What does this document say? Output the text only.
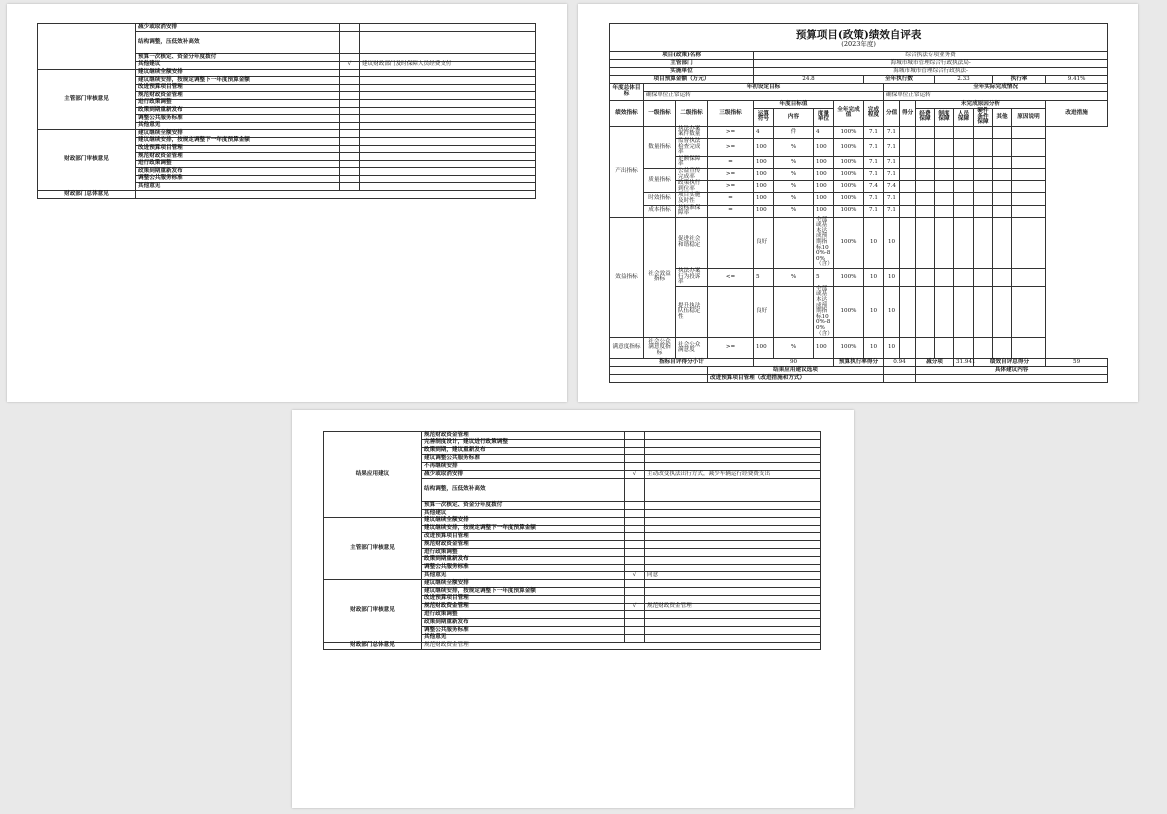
	减少或取消安排		
	结构调整，压低效补高效		
	预算一次核定、资金分年度拨付		
	其他建议	√	建议财政部门及时保障人员经费支付
主管部门审核意见	建议继续全额安排		
	建议继续安排，按规定调整下一年度预算金额		
	改进预算项目管理		
	规范财政资金管理		
	进行政策调整		
	政策到期重新发布		
	调整公共服务标准		
	其他意见		
财政部门审核意见	建议继续全额安排		
	建议继续安排，按规定调整下一年度预算金额		
	改进预算项目管理		
	规范财政资金管理		
	进行政策调整		
	政策到期重新发布		
	调整公共服务标准		
	其他意见		
财政部门总体意见			
预算项目(政策)绩效自评表
(2023年度)																	

项目(政策)名称				综合执法专项业务费													
主管部门				海城市城市管理综合行政执法局-													
实施单位				海城市城市管理综合行政执法-													
项目预算金额（万元）				24.8				全年执行数				2.33			执行率		9.41%
年度总体目标	年初设定目标								全年实际完成情况								
	确保单位正常运转								确保单位正常运转								
绩效指标	一级指标	二级指标	三级指标	年度目标值			全年完成值	完成程度	分值	得分	未完成原因分析						改进措施
				运算符号	内容	度量单位					经费保障	制度保障	人员保障	硬件条件保障	其他	原因说明	
产出指标	数量指标	执法办案案件数量	>=	4	件	4	100%	7.1	7.1								
		监督执法检查完成率	>=	100	%	100	100%	7.1	7.1								
		足额保障率	=	100	%	100	100%	7.1	7.1								
	质量指标	公益宣传完成率	>=	100	%	100	100%	7.1	7.1								
		政策执行到位率	>=	100	%	100	100%	7.4	7.4								
	时效指标	项目实施及时性	=	100	%	100	100%	7.1	7.1								
	成本指标	按标准保障率	=	100	%	100	100%	7.1	7.1								
效益指标	社会效益指标	促进社会和谐稳定		良好		全部或基本达成预期指标100%-80%（含）	100%	10	10								
		执法办案行为投诉率	<=	5	%	5	100%	10	10								
		提升执法队伍稳定性		良好		全部或基本达成预期指标100%-80%（含）	100%	10	10								
满意度指标	社会公众满意度指标	社会公众满意度	>=	100	%	100	100%	10	10								
指标自评得分小计				90			预算执行率得分		0.94		减分项		31.941	绩效自评总得分			59
			结果应用建议选项								具体建议内容						
			改进预算项目管理（改进措施和方式）														
结果应用建议	规范财政资金管理		
	完善制度设计，建议进行政策调整		
	政策到期，建议重新发布		
	建议调整公共服务标准		
	不再继续安排		
	减少或取消安排	√	主动改变执法出行方式，减少车辆运行经费费支出
	结构调整，压低效补高效		
	预算一次核定、资金分年度拨付		
	其他建议		
主管部门审核意见	建议继续全额安排		
	建议继续安排，按规定调整下一年度预算金额		
	改进预算项目管理		
	规范财政资金管理		
	进行政策调整		
	政策到期重新发布		
	调整公共服务标准		
	其他意见	√	同意
财政部门审核意见	建议继续全额安排		
	建议继续安排，按规定调整下一年度预算金额		
	改进预算项目管理		
	规范财政资金管理	√	规范财政资金管理
	进行政策调整		
	政策到期重新发布		
	调整公共服务标准		
	其他意见		
财政部门总体意见	规范财政资金管理		
